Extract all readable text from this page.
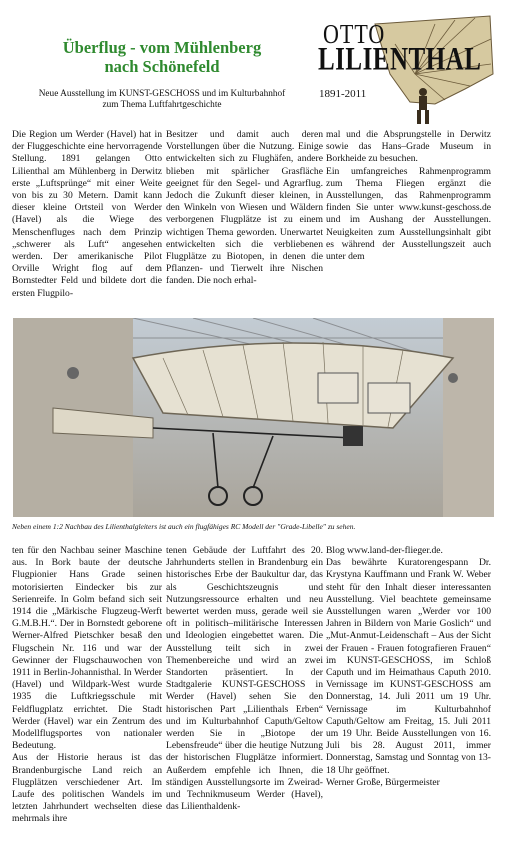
Überflug - vom Mühlenberg
nach Schönefeld
Neue Ausstellung im KUNST-GESCHOSS und im Kulturbahnhof
zum Thema Luftfahrtgeschichte
OTTO
LILIENTHAL
1891-2011
Die Region um Werder (Havel) hat in der Fluggeschichte eine hervorragende Stellung. 1891 gelangen Otto Lilienthal am Mühlenberg in Derwitz erste „Luftsprünge“ mit einer Weite von bis zu 30 Metern. Damit kann dieser kleine Ortsteil von Werder (Havel) als die Wiege des Menschenfluges nach dem Prinzip „schwerer als Luft“ angesehen werden. Der amerikanische Pilot Orville Wright flog auf dem Bornstedter Feld und bildete dort die ersten Flugpilo-
Besitzer und damit auch deren Vorstellungen über die Nutzung. Einige entwickelten sich zu Flughäfen, andere blieben mit spärlicher Grasfläche geeignet für den Segel- und Agrarflug. Jedoch die Zukunft dieser kleinen, in den Winkeln von Wiesen und Wäldern verborgenen Flugplätze ist zu einem wichtigen Thema geworden. Unerwartet entwickelten sich die verbliebenen Flugplätze zu Biotopen, in denen die Pflanzen- und Tierwelt ihre Nischen fanden. Die noch erhal-
mal und die Absprungstelle in Derwitz sowie das Hans–Grade Museum in Borkheide zu besuchen.
Ein umfangreiches Rahmenprogramm zum Thema Fliegen ergänzt die Ausstellungen, das Rahmenprogramm finden Sie unter www.kunst-geschoss.de und im Aushang der Ausstellungen. Neuigkeiten zum Ausstellungsinhalt gibt es während der Ausstellungszeit auch unter dem
Neben einem 1:2 Nachbau des Lilienthalgleiters ist auch ein flugfähiges RC Modell der "Grade-Libelle" zu sehen.
ten für den Nachbau seiner Maschine aus. In Bork baute der deutsche Flugpionier Hans Grade seinen motorisierten Eindecker bis zur Serienreife. In Golm befand sich seit 1914 die „Märkische Flugzeug-Werft G.M.B.H.“. Der in Bornstedt geborene Werner-Alfred Pietschker besaß den Flugschein Nr. 116 und war der Gewinner der Flugschauwochen von 1911 in Berlin-Johannisthal. In Werder (Havel) und Wildpark-West wurde 1935 die Luftkriegsschule mit Feldflugplatz errichtet. Die Stadt Werder (Havel) war ein Zentrum des Modellflugsportes von nationaler Bedeutung.
Aus der Historie heraus ist das Brandenburgische Land reich an Flugplätzen verschiedener Art. Im Laufe des politischen Wandels im letzten Jahrhundert wechselten diese mehrmals ihre
tenen Gebäude der Luftfahrt des 20. Jahrhunderts stellen in Brandenburg ein historisches Erbe der Baukultur dar, das als Geschichtszeugnis und Nutzungsressource erhalten und neu bewertet werden muss, gerade weil sie oft in politisch–militärische Interessen und Ideologien eingebettet waren. Die Ausstellung teilt sich in zwei Themenbereiche und wird an zwei Standorten präsentiert. In der Stadtgalerie KUNST-GESCHOSS in Werder (Havel) sehen Sie den historischen Part „Lilienthals Erben“ und im Kulturbahnhof Caputh/Geltow werden Sie in „Biotope der Lebensfreude“ über die heutige Nutzung der historischen Flugplätze informiert. Außerdem empfehle ich Ihnen, die ständigen Ausstellungsorte im Zweirad- und Technikmuseum Werder (Havel), das Lilienthaldenk-
Blog www.land-der-flieger.de.
Das bewährte Kuratorengespann Dr. Krystyna Kauffmann und Frank W. Weber steht für den Inhalt dieser interessanten Ausstellung. Viel beachtete gemeinsame Ausstellungen waren „Werder vor 100 Jahren in Bildern von Marie Goslich“ und „Mut-Anmut-Leidenschaft – Aus der Sicht der Frauen - Frauen fotografieren Frauen“ im KUNST-GESCHOSS, im Schloß Caputh und im Heimathaus Caputh 2010. Vernissage im KUNST-GESCHOSS am Donnerstag, 14. Juli 2011 um 19 Uhr. Vernissage im Kulturbahnhof Caputh/Geltow am Freitag, 15. Juli 2011 um 19 Uhr. Beide Ausstellungen von 16. Juli bis 28. August 2011, immer Donnerstag, Samstag und Sonntag von 13-18 Uhr geöffnet.
Werner Große, Bürgermeister
